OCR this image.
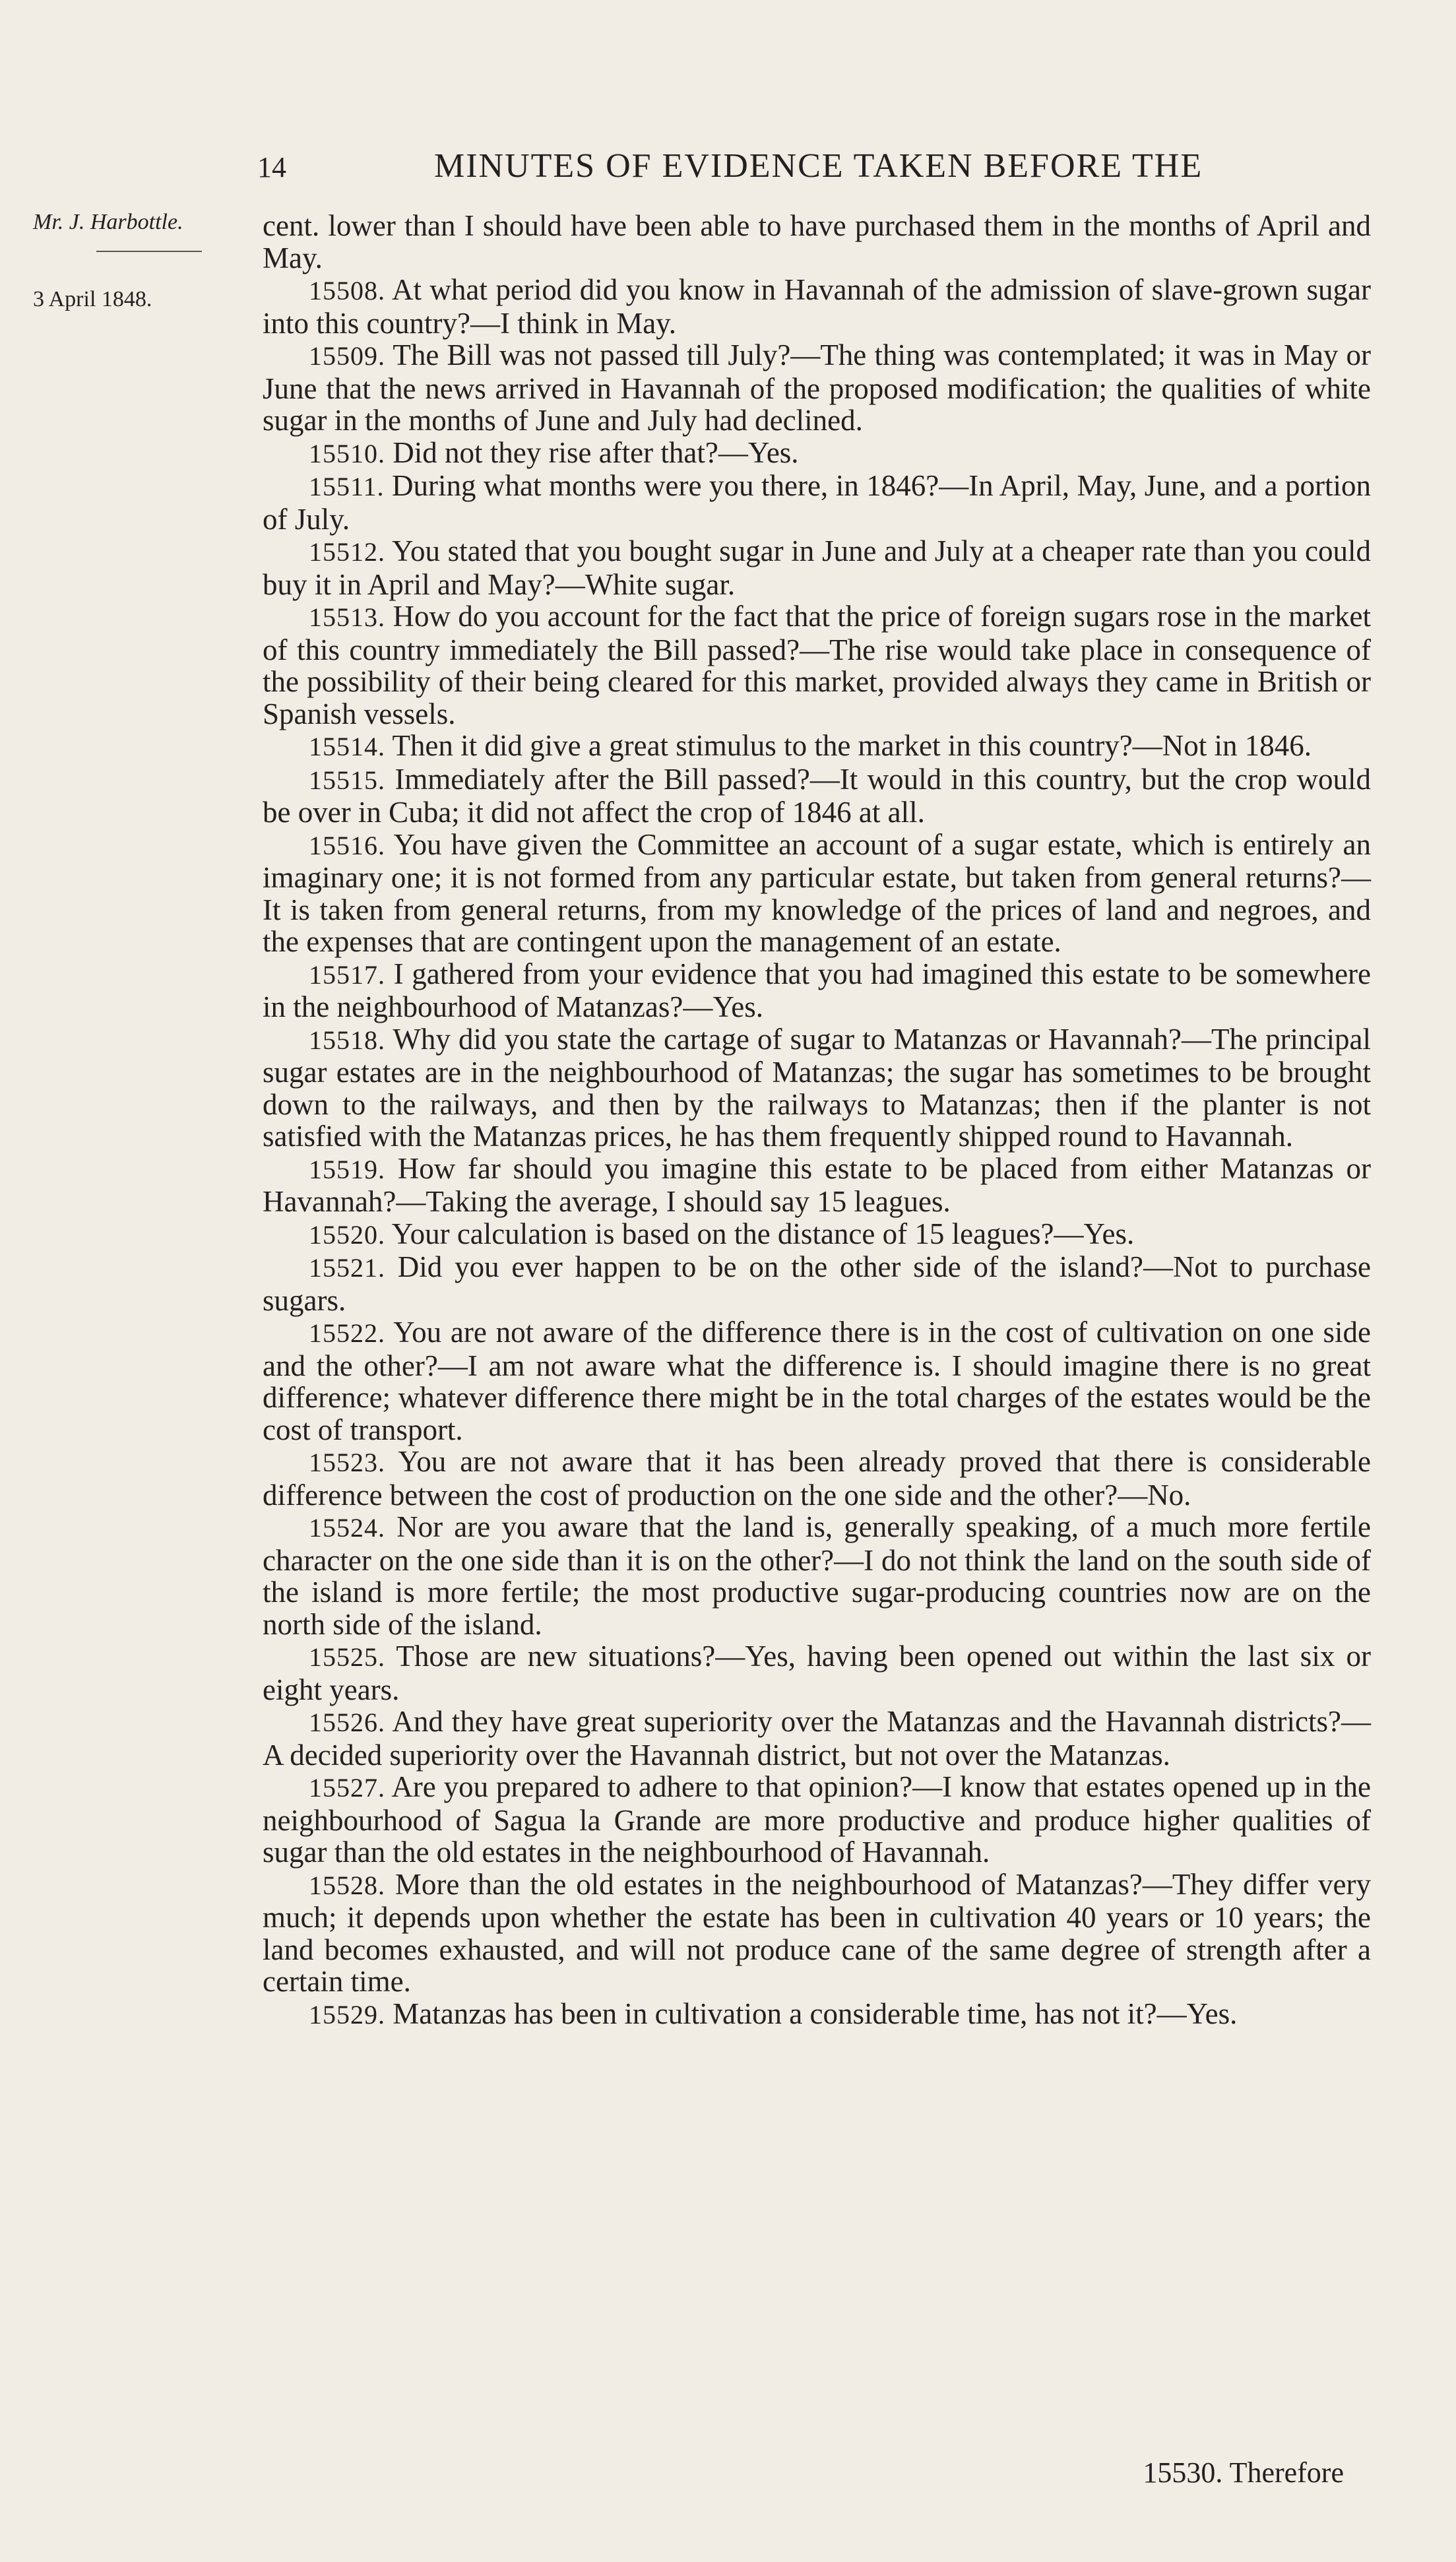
14	MINUTES OF EVIDENCE TAKEN BEFORE THE
Mr. J. Harbottle.
3 April 1848.

cent. lower than I should have been able to have purchased them in the months of April and May.

15508. At what period did you know in Havannah of the admission of slave-grown sugar into this country?—I think in May.

15509. The Bill was not passed till July?—The thing was contemplated; it was in May or June that the news arrived in Havannah of the proposed modification; the qualities of white sugar in the months of June and July had declined.

15510. Did not they rise after that?—Yes.

15511. During what months were you there, in 1846?—In April, May, June, and a portion of July.

15512. You stated that you bought sugar in June and July at a cheaper rate than you could buy it in April and May?—White sugar.

15513. How do you account for the fact that the price of foreign sugars rose in the market of this country immediately the Bill passed?—The rise would take place in consequence of the possibility of their being cleared for this market, provided always they came in British or Spanish vessels.

15514. Then it did give a great stimulus to the market in this country?—Not in 1846.

15515. Immediately after the Bill passed?—It would in this country, but the crop would be over in Cuba; it did not affect the crop of 1846 at all.

15516. You have given the Committee an account of a sugar estate, which is entirely an imaginary one; it is not formed from any particular estate, but taken from general returns?—It is taken from general returns, from my knowledge of the prices of land and negroes, and the expenses that are contingent upon the management of an estate.

15517. I gathered from your evidence that you had imagined this estate to be somewhere in the neighbourhood of Matanzas?—Yes.

15518. Why did you state the cartage of sugar to Matanzas or Havannah?—The principal sugar estates are in the neighbourhood of Matanzas; the sugar has sometimes to be brought down to the railways, and then by the railways to Matanzas; then if the planter is not satisfied with the Matanzas prices, he has them frequently shipped round to Havannah.

15519. How far should you imagine this estate to be placed from either Matanzas or Havannah?—Taking the average, I should say 15 leagues.

15520. Your calculation is based on the distance of 15 leagues?—Yes.

15521. Did you ever happen to be on the other side of the island?—Not to purchase sugars.

15522. You are not aware of the difference there is in the cost of cultivation on one side and the other?—I am not aware what the difference is. I should imagine there is no great difference; whatever difference there might be in the total charges of the estates would be the cost of transport.

15523. You are not aware that it has been already proved that there is considerable difference between the cost of production on the one side and the other?—No.

15524. Nor are you aware that the land is, generally speaking, of a much more fertile character on the one side than it is on the other?—I do not think the land on the south side of the island is more fertile; the most productive sugar-producing countries now are on the north side of the island.

15525. Those are new situations?—Yes, having been opened out within the last six or eight years.

15526. And they have great superiority over the Matanzas and the Havannah districts?—A decided superiority over the Havannah district, but not over the Matanzas.

15527. Are you prepared to adhere to that opinion?—I know that estates opened up in the neighbourhood of Sagua la Grande are more productive and produce higher qualities of sugar than the old estates in the neighbourhood of Havannah.

15528. More than the old estates in the neighbourhood of Matanzas?—They differ very much; it depends upon whether the estate has been in cultivation 40 years or 10 years; the land becomes exhausted, and will not produce cane of the same degree of strength after a certain time.

15529. Matanzas has been in cultivation a considerable time, has not it?—Yes.

15530. Therefore
